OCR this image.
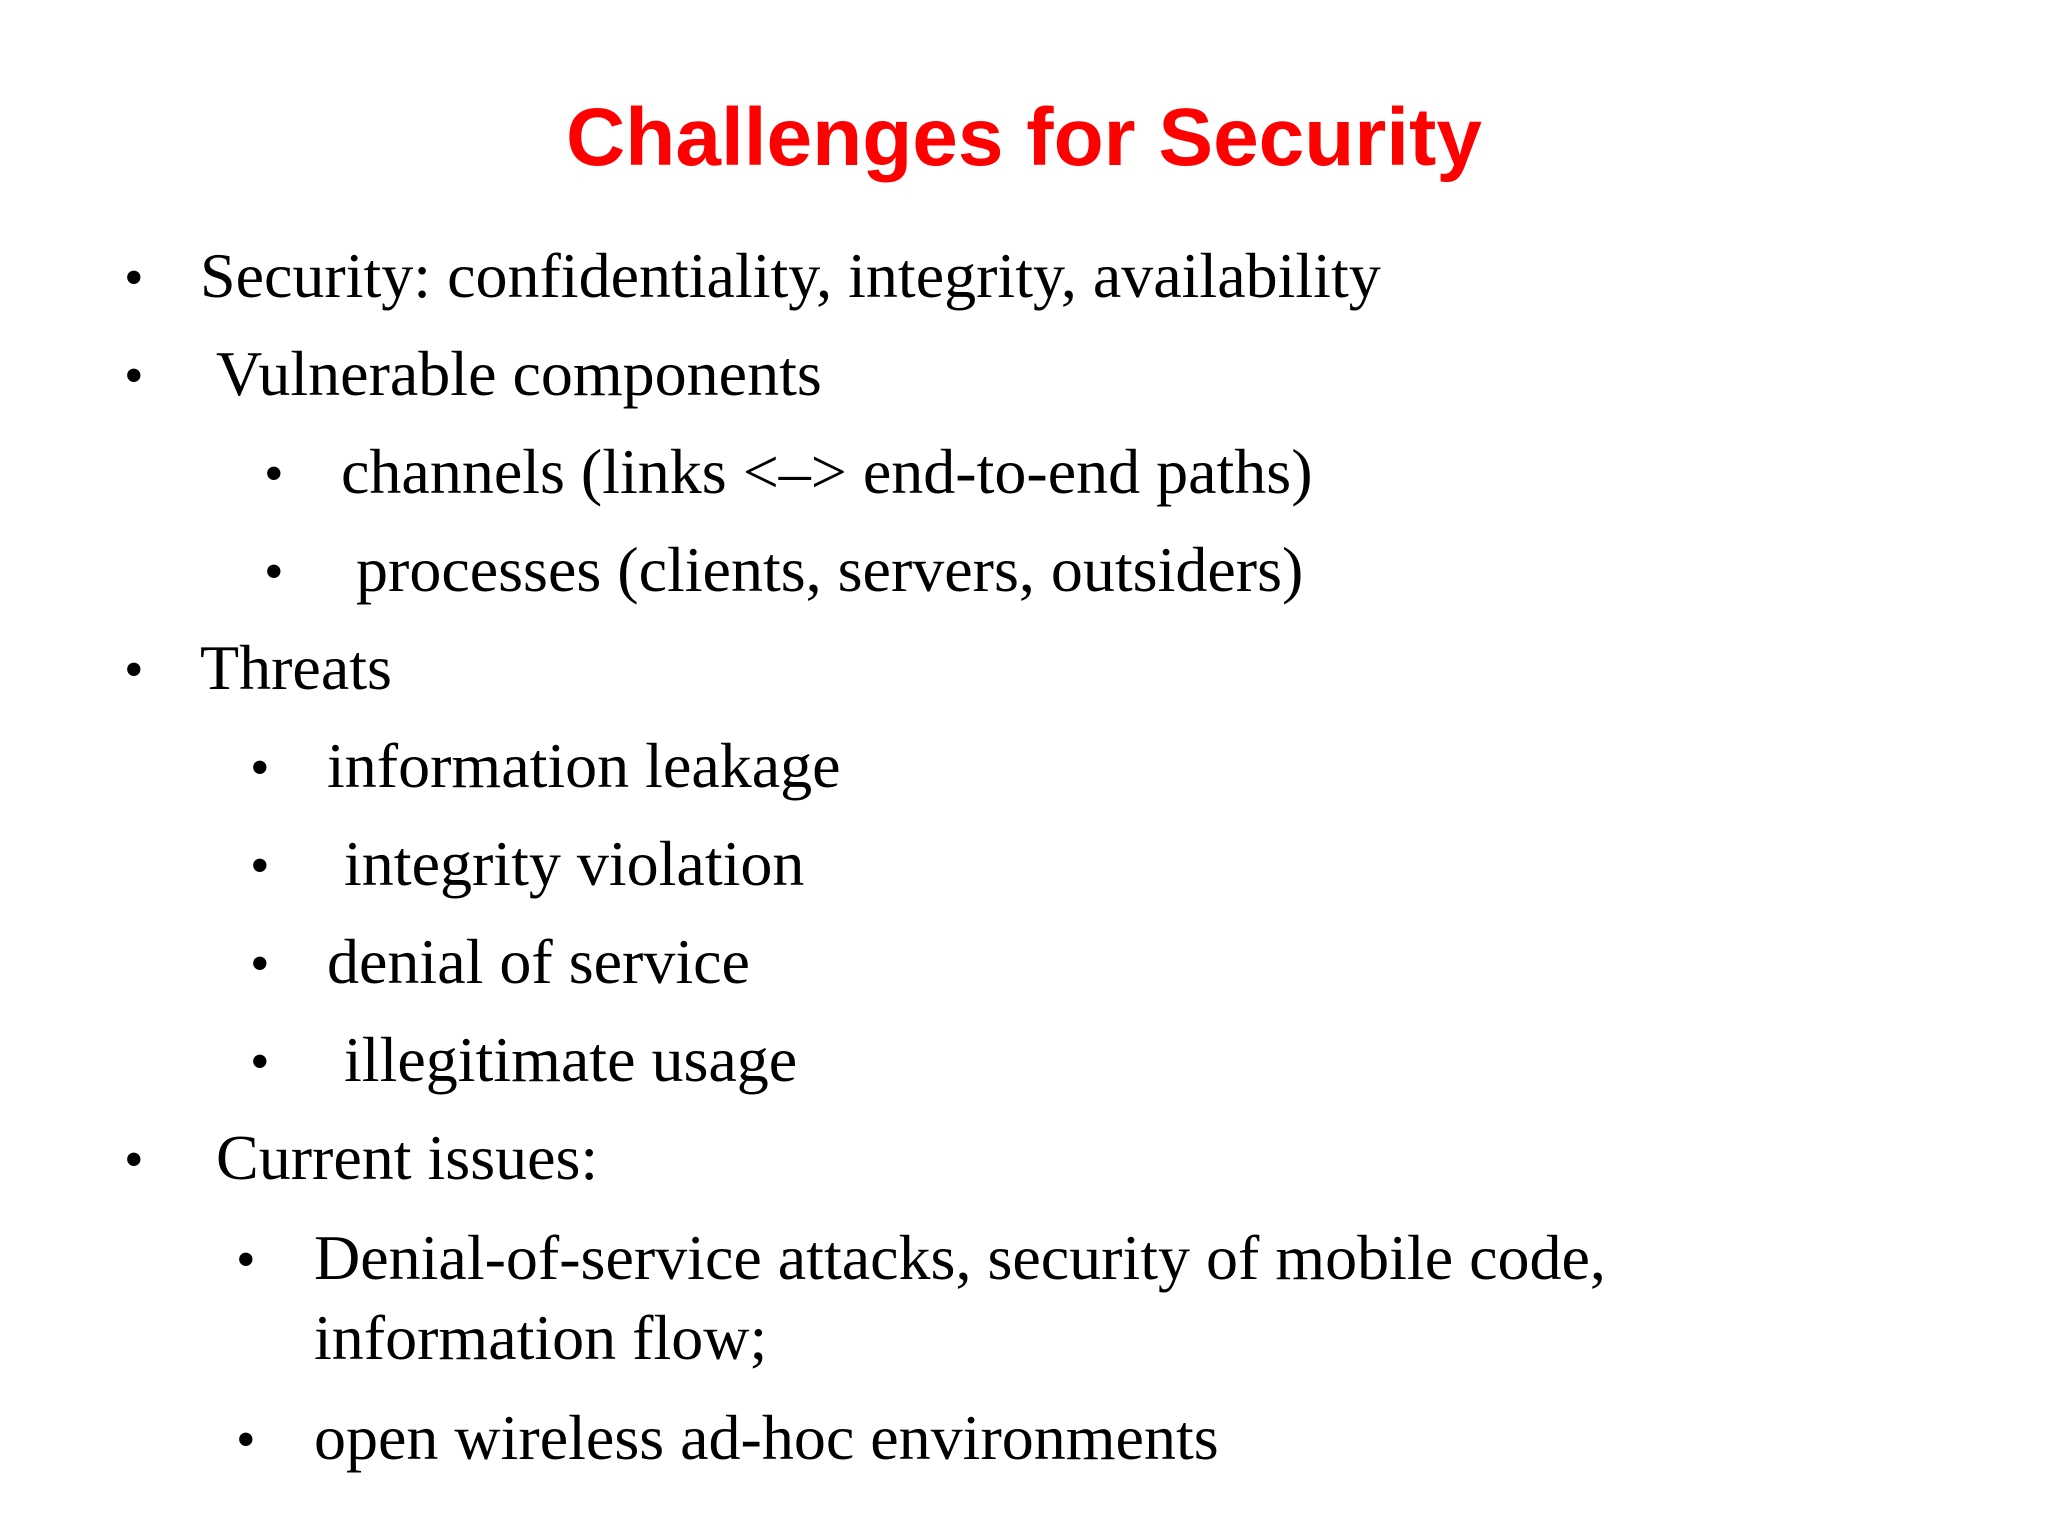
Challenges for Security
• Security: confidentiality, integrity, availability
• Vulnerable components
• channels (links <–> end-to-end paths)
• processes (clients, servers, outsiders)
• Threats
• information leakage
• integrity violation
• denial of service
• illegitimate usage
• Current issues:
• Denial-of-service attacks, security of mobile code, information flow;
• open wireless ad-hoc environments
